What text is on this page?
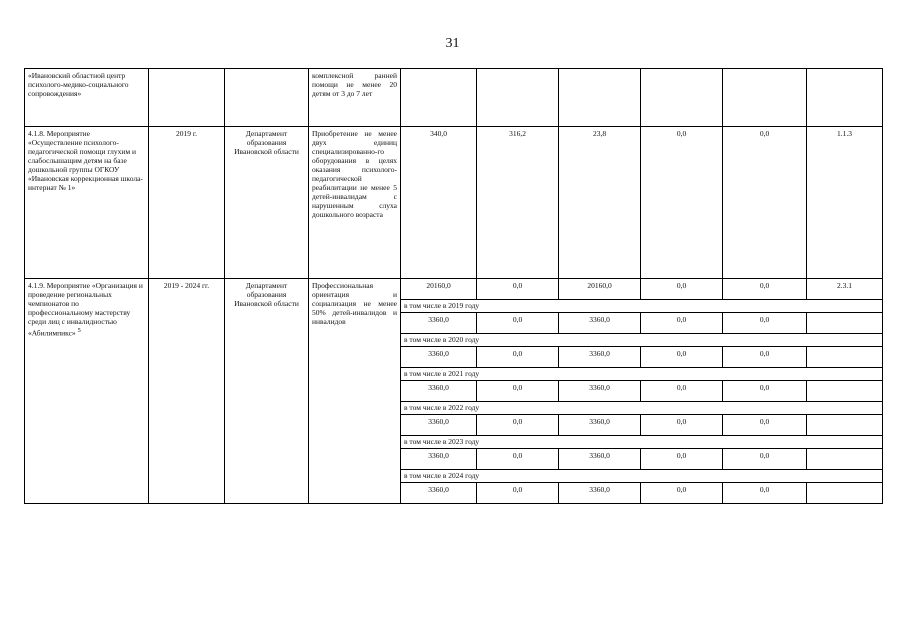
31
«Ивановский областной центр психолого-медико-социального сопровождения»			комплексной ранней помощи не менее 20 детям от 3 до 7 лет						
4.1.8. Мероприятие «Осуществление психолого-педагогической помощи глухим и слабослышащим детям на базе дошкольной группы ОГКОУ «Ивановская коррекционная школа-интернат № 1»	2019 г.	Департамент образования Ивановской области	Приобретение не менее двух единиц специализированно-го оборудования в целях оказания психолого-педагогической реабилитации не менее 5 детей-инвалидам с нарушенным слуха дошкольного возраста	340,0	316,2	23,8	0,0	0,0	1.1.3
4.1.9. Мероприятие «Организация и проведение региональных чемпионатов по профессиональному мастерству среди лиц с инвалидностью «Абилимпикс» $^5$	2019 - 2024 гг.	Департамент образования Ивановской области	Профессиональная ориентация и социализация не менее 50% детей-инвалидов и инвалидов	20160,0	0,0	20160,0	0,0	0,0	2.3.1
				в том числе в 2019 году					
				3360,0	0,0	3360,0	0,0	0,0	
				в том числе в 2020 году					
				3360,0	0,0	3360,0	0,0	0,0	
				в том числе в 2021 году					
				3360,0	0,0	3360,0	0,0	0,0	
				в том числе в 2022 году					
				3360,0	0,0	3360,0	0,0	0,0	
				в том числе в 2023 году					
				3360,0	0,0	3360,0	0,0	0,0	
				в том числе в 2024 году					
				3360,0	0,0	3360,0	0,0	0,0	
